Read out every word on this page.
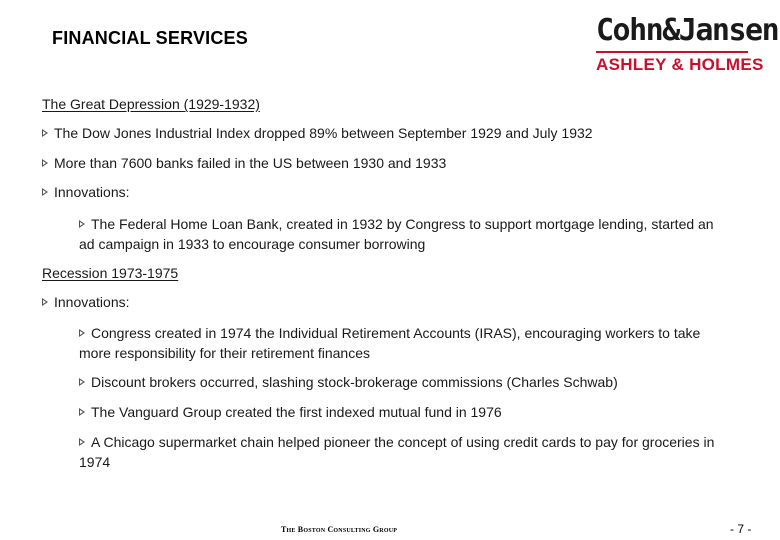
FINANCIAL SERVICES	Cohn&Jansen
ASHLEY & HOLMES
The Great Depression (1929-1932)
The Dow Jones Industrial Index dropped 89% between September 1929 and July 1932
More than 7600 banks failed in the US between 1930 and 1933
Innovations:
The Federal Home Loan Bank, created in 1932 by Congress to support mortgage lending, started an ad campaign in 1933 to encourage consumer borrowing
Recession 1973-1975
Innovations:
Congress created in 1974 the Individual Retirement Accounts (IRAS), encouraging workers to take more responsibility for their retirement finances
Discount brokers occurred, slashing stock-brokerage commissions (Charles Schwab)
The Vanguard Group created the first indexed mutual fund in 1976
A Chicago supermarket chain helped pioneer the concept of using credit cards to pay for groceries in 1974
The Boston Consulting Group	- 7 -
